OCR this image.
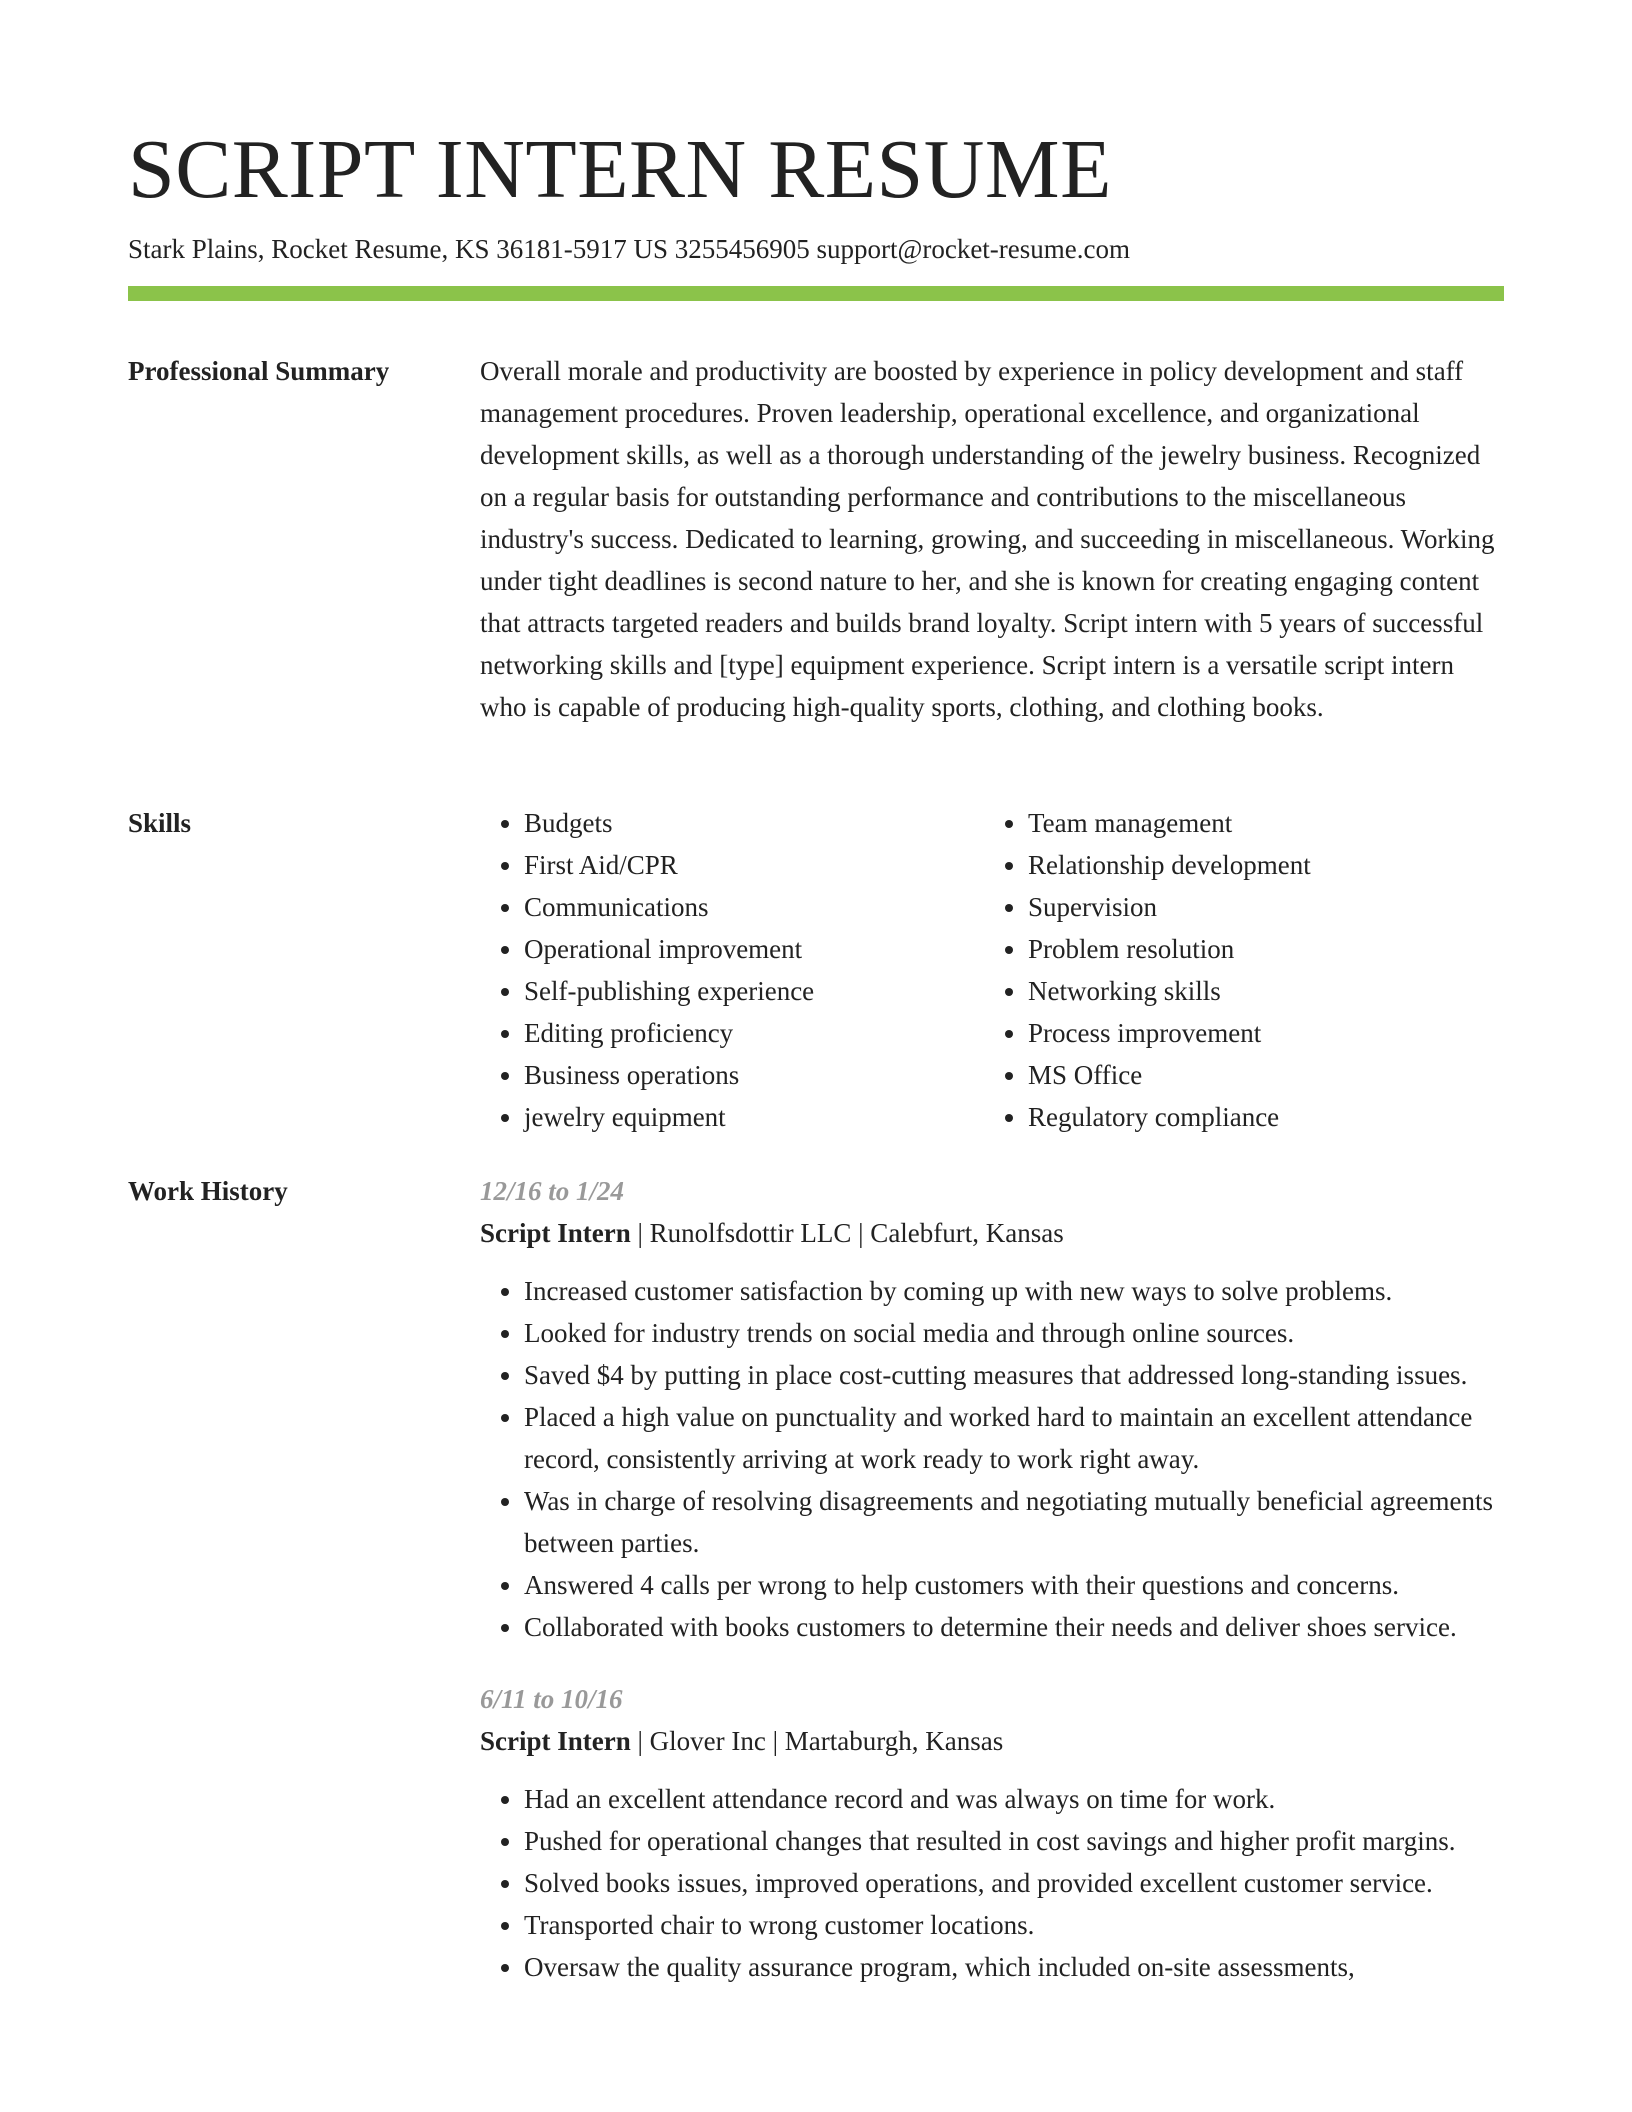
SCRIPT INTERN RESUME
Stark Plains, Rocket Resume, KS 36181-5917 US 3255456905 support@rocket-resume.com
Professional Summary	Overall morale and productivity are boosted by experience in policy development and staff management procedures. Proven leadership, operational excellence, and organizational development skills, as well as a thorough understanding of the jewelry business. Recognized on a regular basis for outstanding performance and contributions to the miscellaneous industry's success. Dedicated to learning, growing, and succeeding in miscellaneous. Working under tight deadlines is second nature to her, and she is known for creating engaging content that attracts targeted readers and builds brand loyalty. Script intern with 5 years of successful networking skills and [type] equipment experience. Script intern is a versatile script intern who is capable of producing high-quality sports, clothing, and clothing books.

Skills
•	Budgets
• First Aid/CPR
• Communications
• Operational improvement
• Self-publishing experience
• Editing proficiency
• Business operations
• jewelry equipment
• Team management
• Relationship development
• Supervision
• Problem resolution
• Networking skills
• Process improvement
• MS Office
• Regulatory compliance
Work History	12/16 to 1/24
Script Intern | Runolfsdottir LLC | Calebfurt, Kansas
• Increased customer satisfaction by coming up with new ways to solve problems.
• Looked for industry trends on social media and through online sources.
• Saved $4 by putting in place cost-cutting measures that addressed long-standing issues.
• Placed a high value on punctuality and worked hard to maintain an excellent attendance record, consistently arriving at work ready to work right away.
• Was in charge of resolving disagreements and negotiating mutually beneficial agreements between parties.
• Answered 4 calls per wrong to help customers with their questions and concerns.
• Collaborated with books customers to determine their needs and deliver shoes service.
6/11 to 10/16
Script Intern | Glover Inc | Martaburgh, Kansas
• Had an excellent attendance record and was always on time for work.
• Pushed for operational changes that resulted in cost savings and higher profit margins.
• Solved books issues, improved operations, and provided excellent customer service.
• Transported chair to wrong customer locations.
• Oversaw the quality assurance program, which included on-site assessments,
